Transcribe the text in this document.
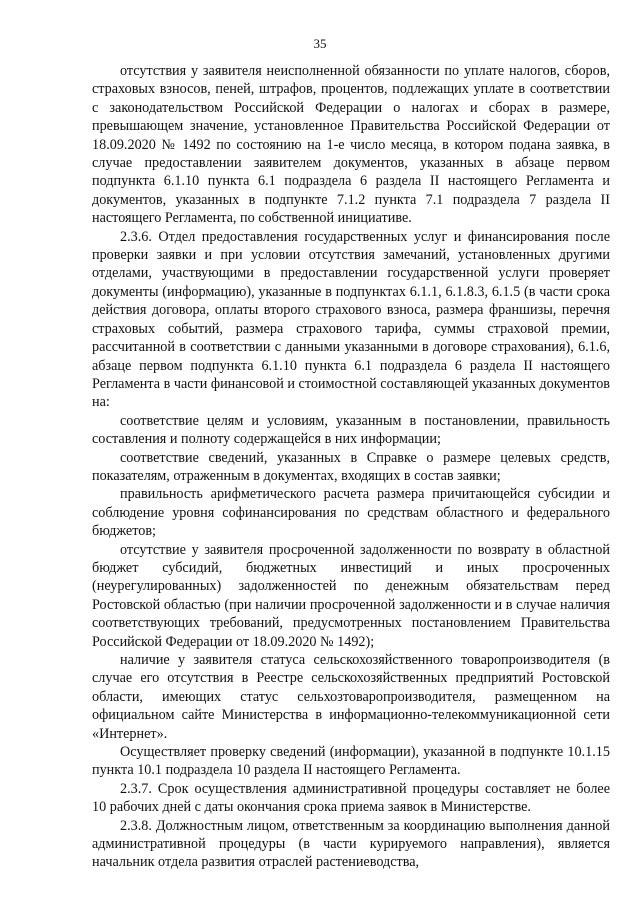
35

отсутствия у заявителя неисполненной обязанности по уплате налогов, сборов, страховых взносов, пеней, штрафов, процентов, подлежащих уплате в соответствии с законодательством Российской Федерации о налогах и сборах в размере, превышающем значение, установленное Правительства Российской Федерации от 18.09.2020 № 1492 по состоянию на 1-е число месяца, в котором подана заявка, в случае предоставлении заявителем документов, указанных в абзаце первом подпункта 6.1.10 пункта 6.1 подраздела 6 раздела II настоящего Регламента и документов, указанных в подпункте 7.1.2 пункта 7.1 подраздела 7 раздела II настоящего Регламента, по собственной инициативе.

2.3.6. Отдел предоставления государственных услуг и финансирования после проверки заявки и при условии отсутствия замечаний, установленных другими отделами, участвующими в предоставлении государственной услуги проверяет документы (информацию), указанные в подпунктах 6.1.1, 6.1.8.3, 6.1.5 (в части срока действия договора, оплаты второго страхового взноса, размера франшизы, перечня страховых событий, размера страхового тарифа, суммы страховой премии, рассчитанной в соответствии с данными указанными в договоре страхования), 6.1.6, абзаце первом подпункта 6.1.10 пункта 6.1 подраздела 6 раздела II настоящего Регламента в части финансовой и стоимостной составляющей указанных документов на:

соответствие целям и условиям, указанным в постановлении, правильность составления и полноту содержащейся в них информации;

соответствие сведений, указанных в Справке о размере целевых средств, показателям, отраженным в документах, входящих в состав заявки;

правильность арифметического расчета размера причитающейся субсидии и соблюдение уровня софинансирования по средствам областного и федерального бюджетов;

отсутствие у заявителя просроченной задолженности по возврату в областной бюджет субсидий, бюджетных инвестиций и иных просроченных (неурегулированных) задолженностей по денежным обязательствам перед Ростовской областью (при наличии просроченной задолженности и в случае наличия соответствующих требований, предусмотренных постановлением Правительства Российской Федерации от 18.09.2020 № 1492);

наличие у заявителя статуса сельскохозяйственного товаропроизводителя (в случае его отсутствия в Реестре сельскохозяйственных предприятий Ростовской области, имеющих статус сельхозтоваропроизводителя, размещенном на официальном сайте Министерства в информационно-телекоммуникационной сети «Интернет».

Осуществляет проверку сведений (информации), указанной в подпункте 10.1.15 пункта 10.1 подраздела 10 раздела II настоящего Регламента.

2.3.7. Срок осуществления административной процедуры составляет не более 10 рабочих дней с даты окончания срока приема заявок в Министерстве.

2.3.8. Должностным лицом, ответственным за координацию выполнения данной административной процедуры (в части курируемого направления), является начальник отдела развития отраслей растениеводства,
